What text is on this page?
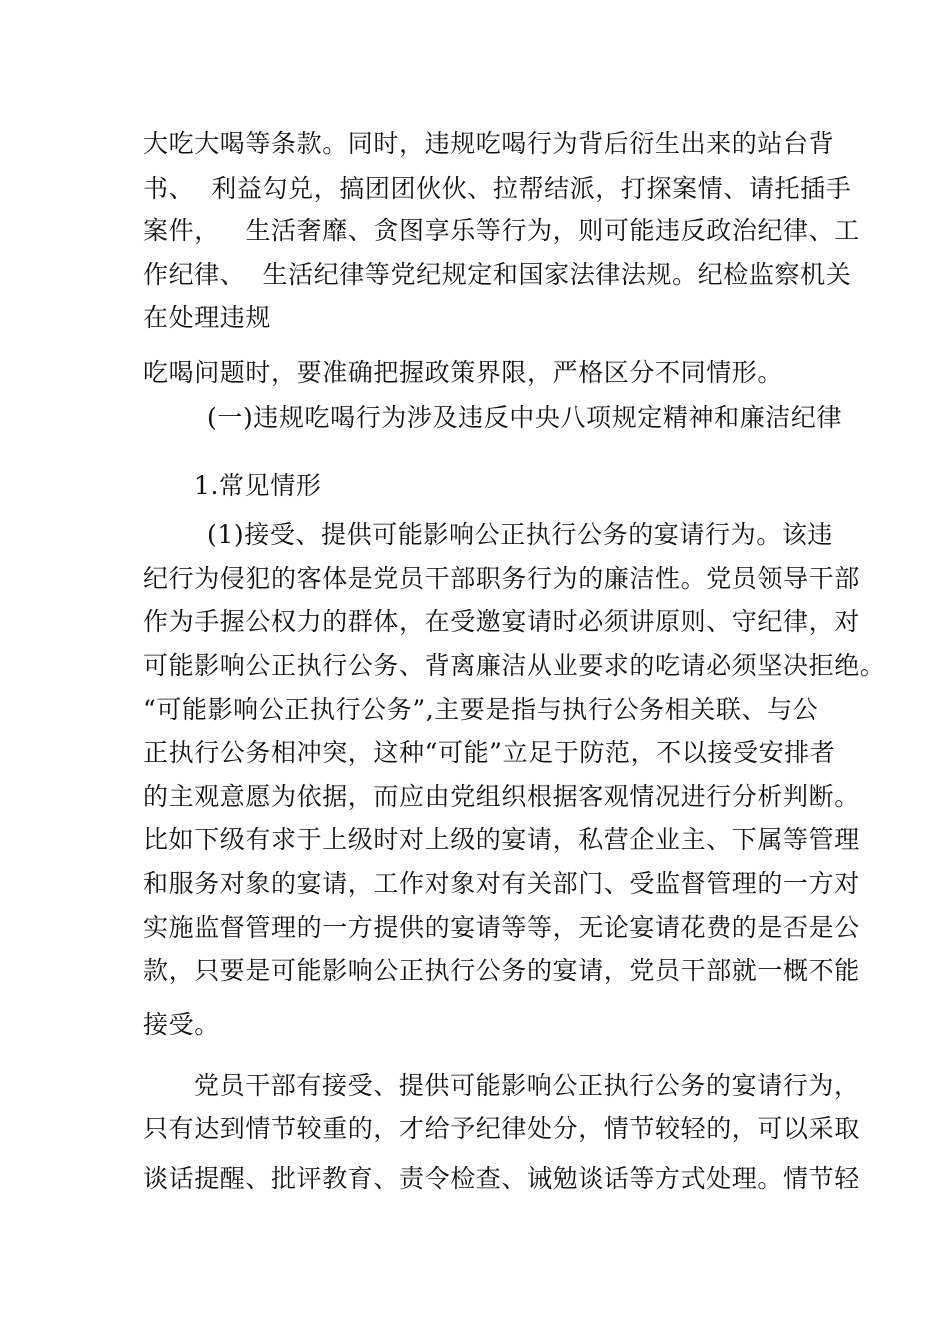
大吃大喝等条款。同时，违规吃喝行为背后衍生出来的站台背
书、  利益勾兑，搞团团伙伙、拉帮结派，打探案情、请托插手
案件，   生活奢靡、贪图享乐等行为，则可能违反政治纪律、工
作纪律、  生活纪律等党纪规定和国家法律法规。纪检监察机关
在处理违规
吃喝问题时，要准确把握政策界限，严格区分不同情形。
(一)违规吃喝行为涉及违反中央八项规定精神和廉洁纪律
1.常见情形
(1)接受、提供可能影响公正执行公务的宴请行为。该违
纪行为侵犯的客体是党员干部职务行为的廉洁性。党员领导干部
作为手握公权力的群体，在受邀宴请时必须讲原则、守纪律，对
可能影响公正执行公务、背离廉洁从业要求的吃请必须坚决拒绝。
“可能影响公正执行公务”,主要是指与执行公务相关联、与公
正执行公务相冲突，这种“可能”立足于防范，不以接受安排者
的主观意愿为依据，而应由党组织根据客观情况进行分析判断。
比如下级有求于上级时对上级的宴请，私营企业主、下属等管理
和服务对象的宴请，工作对象对有关部门、受监督管理的一方对
实施监督管理的一方提供的宴请等等，无论宴请花费的是否是公
款，只要是可能影响公正执行公务的宴请，党员干部就一概不能
接受。
党员干部有接受、提供可能影响公正执行公务的宴请行为，
只有达到情节较重的，才给予纪律处分，情节较轻的，可以采取
谈话提醒、批评教育、责令检查、诫勉谈话等方式处理。情节轻
